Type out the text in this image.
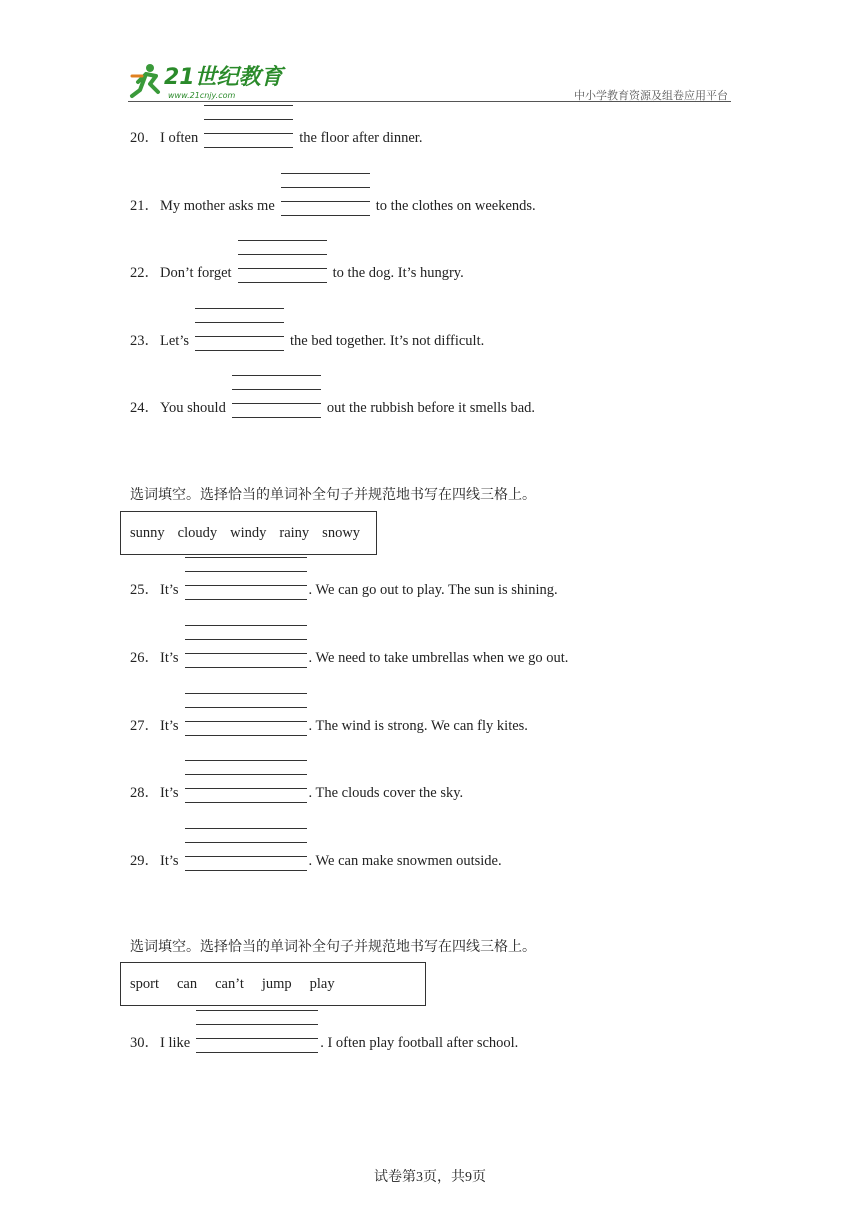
21世纪教育
www.21cnjy.com	中小学教育资源及组卷应用平台
20．I often	the floor after dinner.
21．My mother asks me	to the clothes on weekends.
22．Don’t forget	to the dog. It’s hungry.
23．Let’s	the bed together. It’s not difficult.
24．You should	out the rubbish before it smells bad.
选词填空。选择恰当的单词补全句子并规范地书写在四线三格上。
sunny cloudy windy rainy snowy
25．It’s	. We can go out to play. The sun is shining.
26．It’s	. We need to take umbrellas when we go out.
27．It’s	. The wind is strong. We can fly kites.
28．It’s	. The clouds cover the sky.
29．It’s	. We can make snowmen outside.
选词填空。选择恰当的单词补全句子并规范地书写在四线三格上。
sport can can’t jump play
30．I like	. I often play football after school.
试卷第3页，共9页
